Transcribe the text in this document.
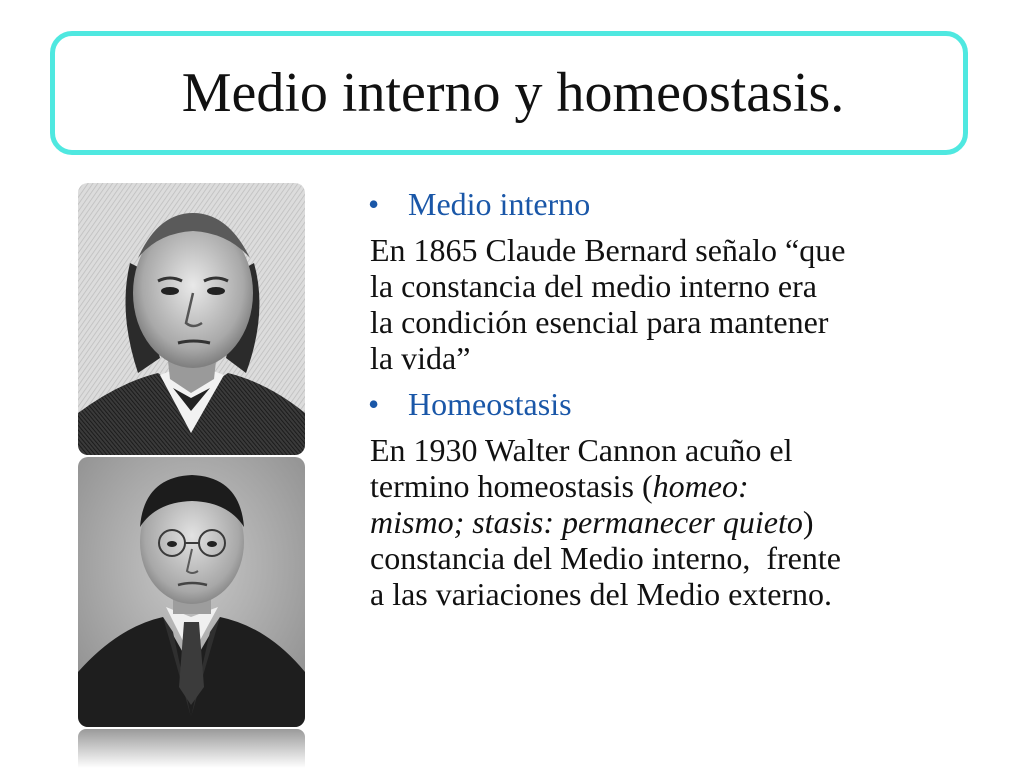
Medio interno y homeostasis.
• Medio interno
En 1865 Claude Bernard señalo “que
la constancia del medio interno era
la condición esencial para mantener
la vida”
• Homeostasis
En 1930 Walter Cannon acuño el
termino homeostasis (homeo:
mismo; stasis: permanecer quieto)
constancia del Medio interno,  frente
a las variaciones del Medio externo.
